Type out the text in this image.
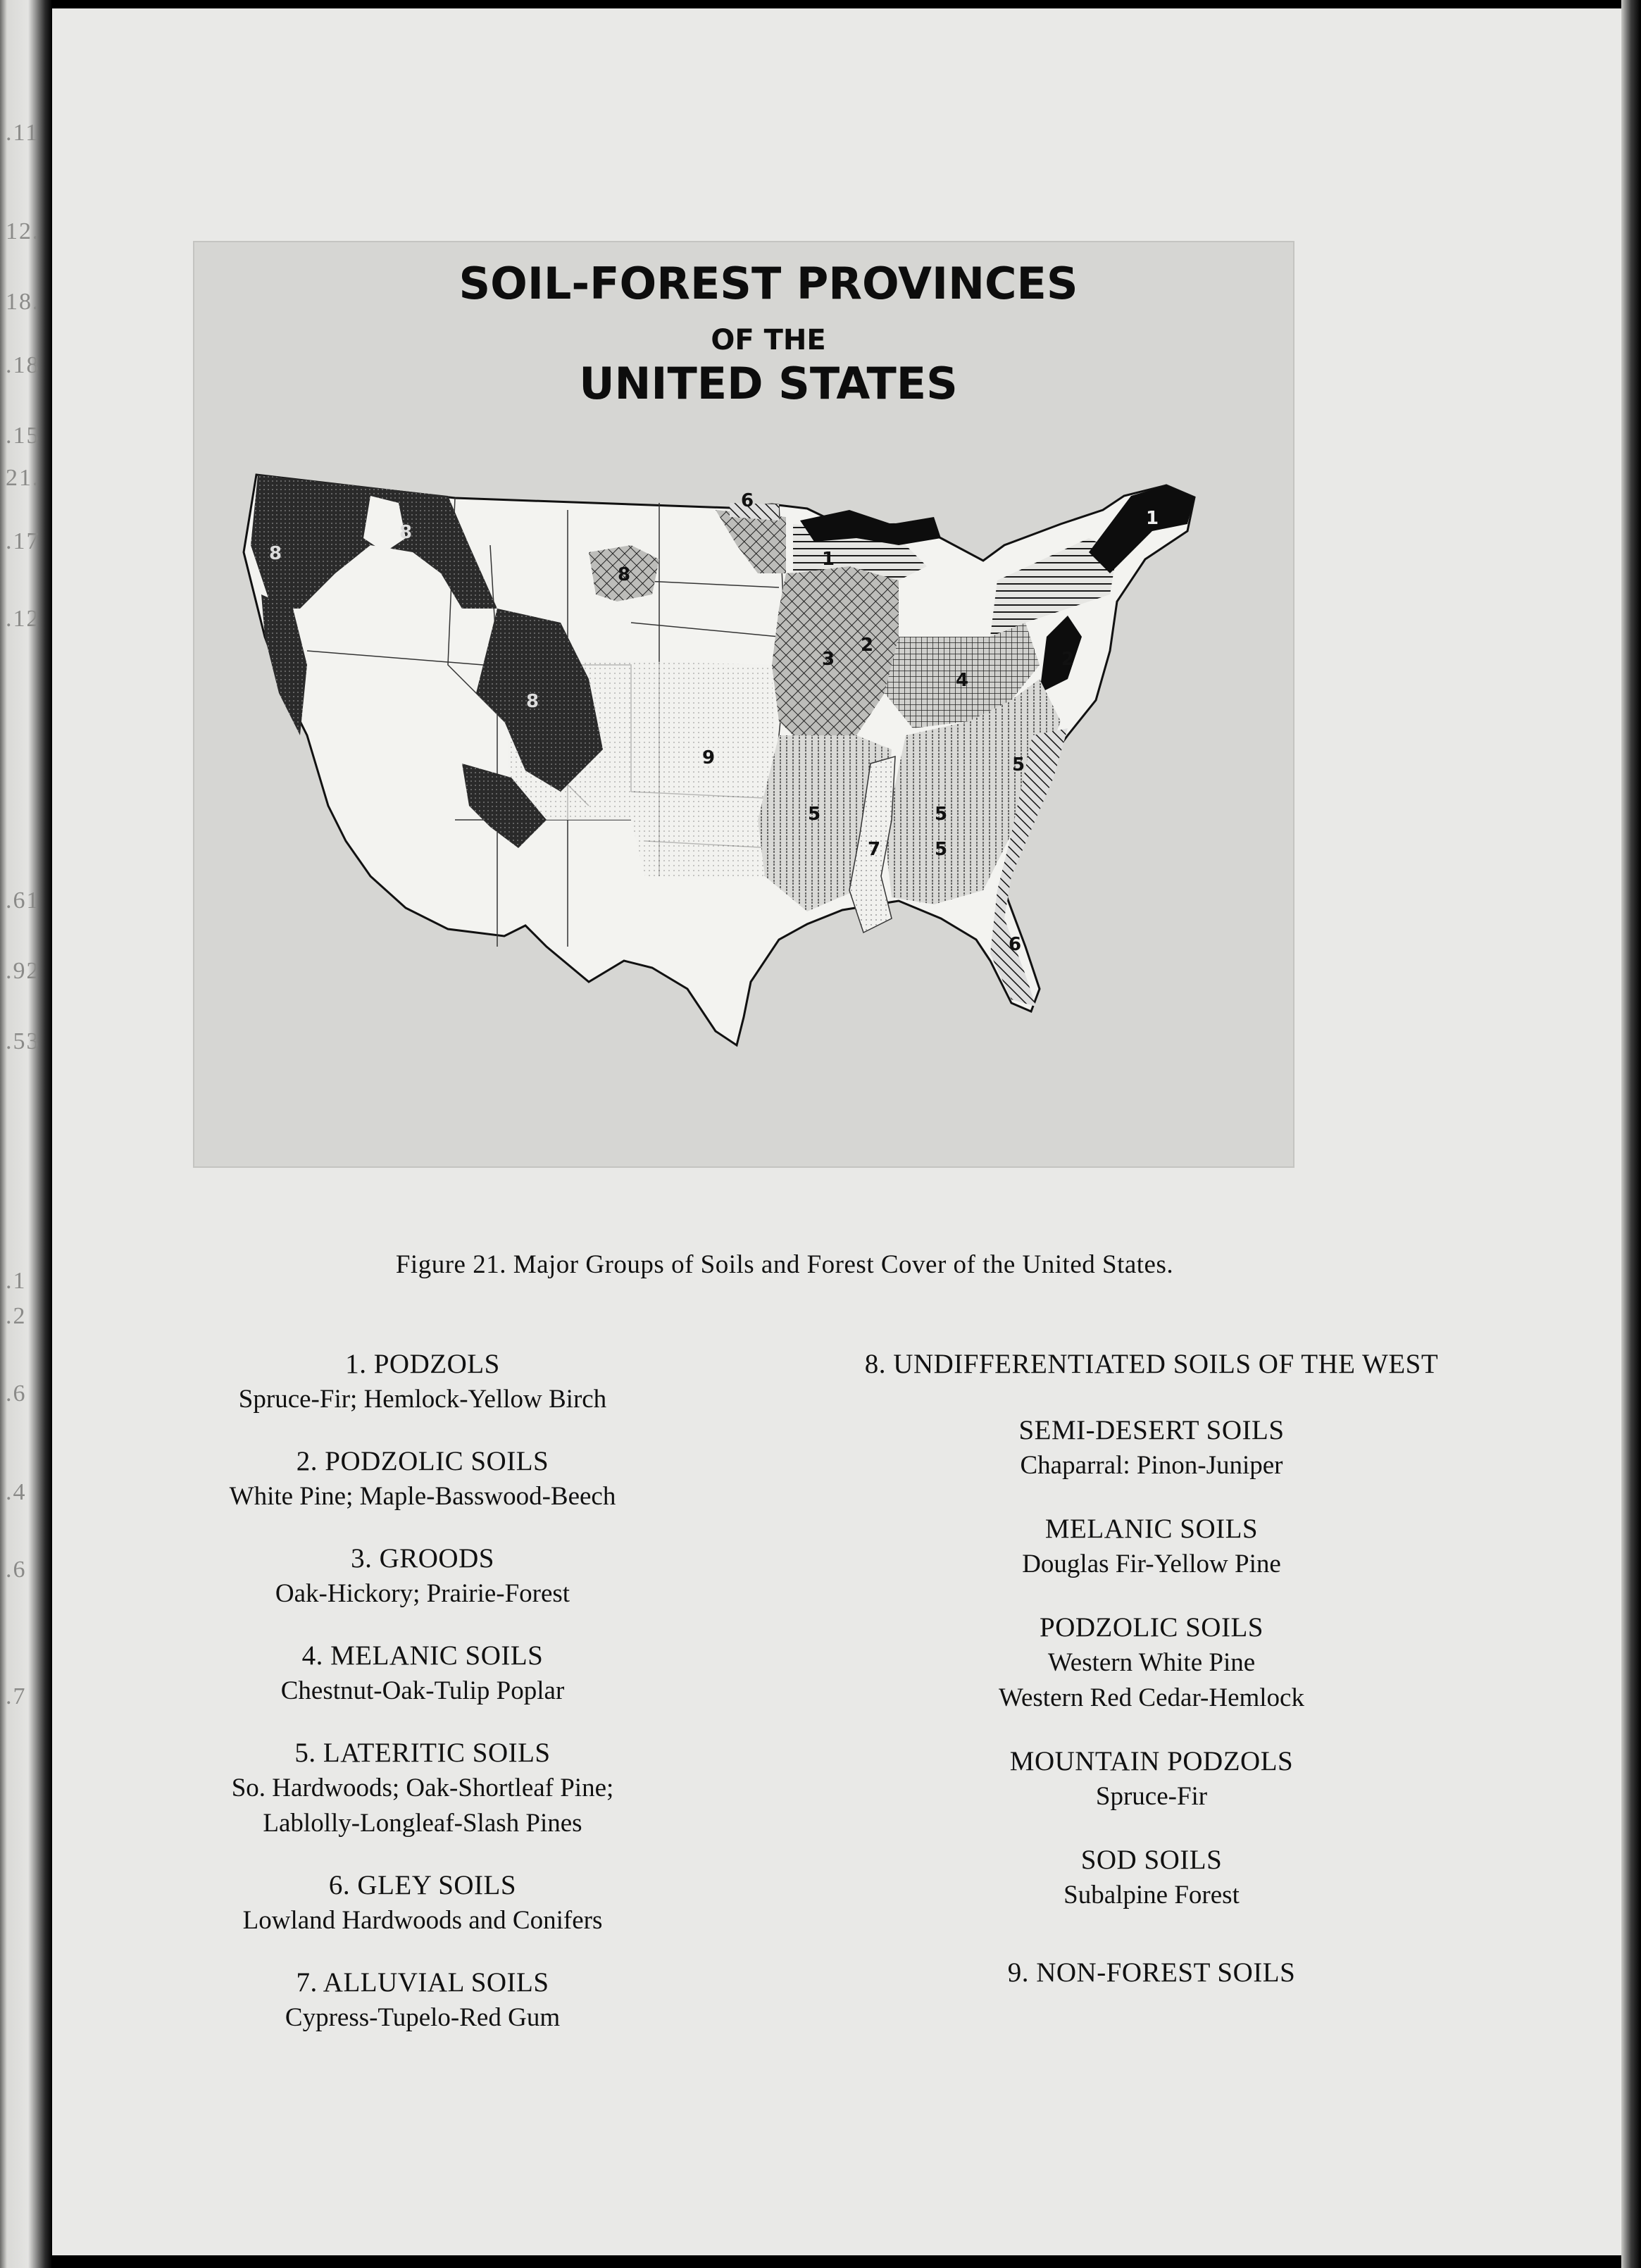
.11
12.
18.
.18
.15
21.
.17
.12
.61
.92
.53
.1
.2
.6
.4
.6
.7
SOIL-FOREST PROVINCES
OF THE
UNITED STATES
1
1
2
2
3
4
5	5
5
5
6
6
7
8
8
8
8
9
Figure 21. Major Groups of Soils and Forest Cover of the United States.
1. PODZOLS
Spruce-Fir; Hemlock-Yellow Birch
2. PODZOLIC SOILS
White Pine; Maple-Basswood-Beech
3. GROODS
Oak-Hickory; Prairie-Forest
4. MELANIC SOILS
Chestnut-Oak-Tulip Poplar
5. LATERITIC SOILS
So. Hardwoods; Oak-Shortleaf Pine;
Lablolly-Longleaf-Slash Pines
6. GLEY SOILS
Lowland Hardwoods and Conifers
7. ALLUVIAL SOILS
Cypress-Tupelo-Red Gum
8. UNDIFFERENTIATED SOILS OF THE WEST
SEMI-DESERT SOILS
Chaparral: Pinon-Juniper
MELANIC SOILS
Douglas Fir-Yellow Pine
PODZOLIC SOILS
Western White Pine
Western Red Cedar-Hemlock
MOUNTAIN PODZOLS
Spruce-Fir
SOD SOILS
Subalpine Forest
9. NON-FOREST SOILS
